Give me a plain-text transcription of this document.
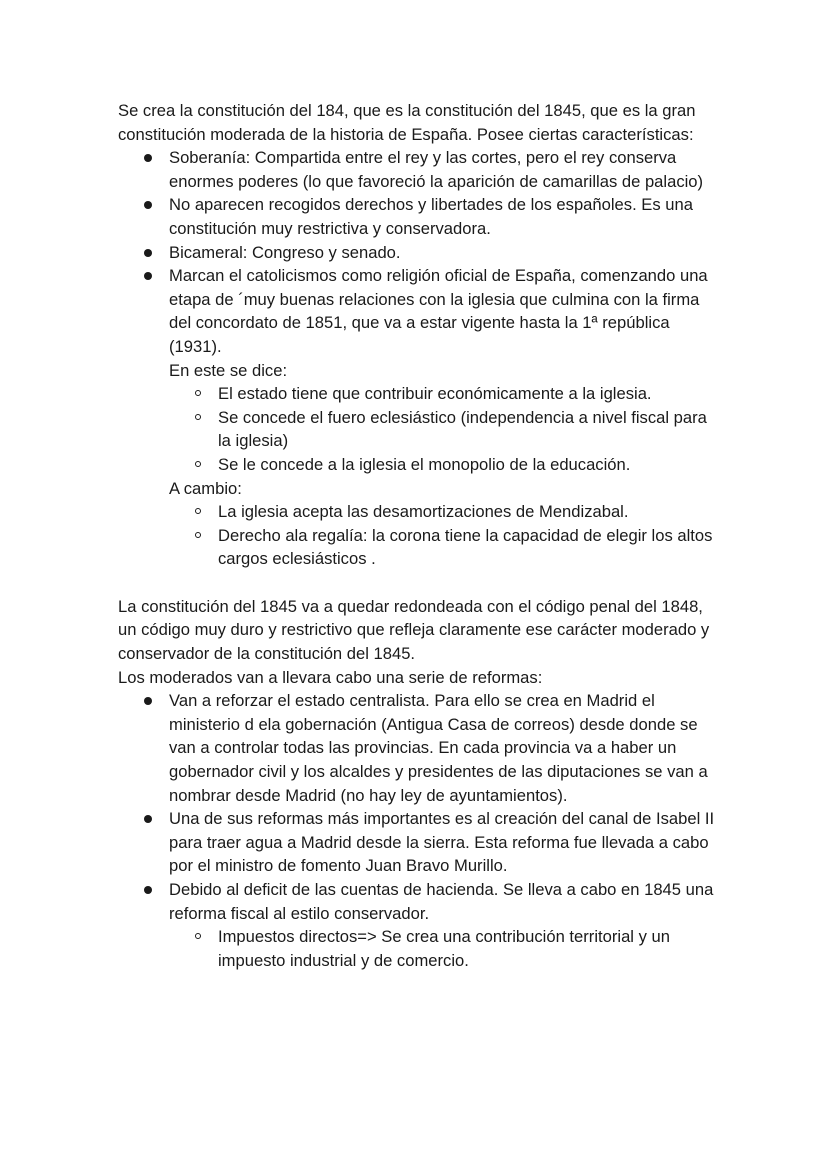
Se crea la constitución del 184, que es la constitución del 1845, que es la gran constitución moderada de la historia de España. Posee ciertas características:

Soberanía: Compartida entre el rey y las cortes, pero el rey conserva enormes poderes (lo que favoreció la aparición de camarillas de palacio)
No aparecen recogidos derechos y libertades de los españoles. Es una constitución muy restrictiva y conservadora.
Bicameral: Congreso y senado.
Marcan el catolicismos como religión oficial de España, comenzando una etapa de ´muy buenas relaciones con la iglesia que culmina con la firma del concordato de 1851, que va a estar vigente hasta la 1ª república (1931).

En este se dice:

El estado tiene que contribuir económicamente a la iglesia.
Se concede el fuero eclesiástico (independencia a nivel fiscal para la iglesia)
Se le concede a la iglesia el monopolio de la educación.

A cambio:

La iglesia acepta las desamortizaciones de Mendizabal.
Derecho ala regalía: la corona tiene la capacidad de elegir los altos cargos eclesiásticos .

La constitución del 1845 va a quedar redondeada con el código penal del 1848, un código muy duro y restrictivo que refleja claramente ese carácter moderado y conservador de la constitución del 1845.

Los moderados van a llevara cabo una serie de reformas:

Van a reforzar el estado centralista. Para ello se crea en Madrid el ministerio d ela gobernación (Antigua Casa de correos) desde donde se van a controlar todas las provincias. En cada provincia va a haber un gobernador civil y los alcaldes y presidentes de las diputaciones se van a nombrar desde Madrid (no hay ley de ayuntamientos).
Una de sus reformas más importantes es al creación del canal de Isabel II para traer agua a Madrid desde la sierra. Esta reforma fue llevada a cabo por el ministro de fomento Juan Bravo Murillo.
Debido al deficit de las cuentas de hacienda. Se lleva a cabo en 1845 una reforma fiscal al estilo conservador.
Impuestos directos=> Se crea una contribución territorial y un impuesto industrial y de comercio.
